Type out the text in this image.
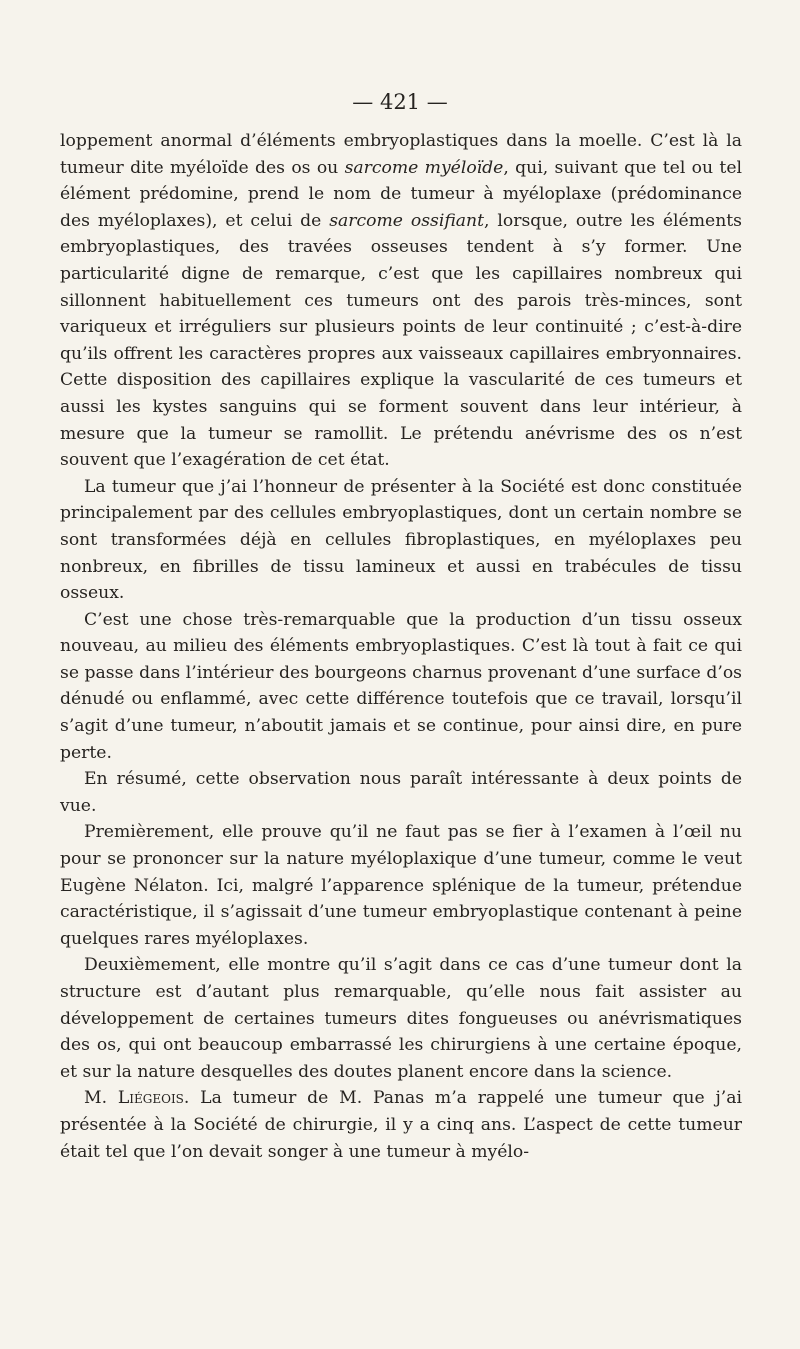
— 421 —

loppement anormal d’éléments embryoplastiques dans la moelle. C’est là la tumeur dite myéloïde des os ou sarcome myéloïde, qui, suivant que tel ou tel élément prédomine, prend le nom de tumeur à myéloplaxe (prédominance des myéloplaxes), et celui de sarcome ossifiant, lorsque, outre les éléments embryoplastiques, des travées osseuses tendent à s’y former. Une particularité digne de remarque, c’est que les capillaires nombreux qui sillonnent habituellement ces tumeurs ont des parois très-minces, sont variqueux et irréguliers sur plusieurs points de leur continuité ; c’est-à-dire qu’ils offrent les caractères propres aux vaisseaux capillaires embryonnaires. Cette disposition des capillaires explique la vascularité de ces tumeurs et aussi les kystes sanguins qui se forment souvent dans leur intérieur, à mesure que la tumeur se ramollit. Le prétendu anévrisme des os n’est souvent que l’exagération de cet état.

La tumeur que j’ai l’honneur de présenter à la Société est donc constituée principalement par des cellules embryoplastiques, dont un certain nombre se sont transformées déjà en cellules fibroplastiques, en myéloplaxes peu nonbreux, en fibrilles de tissu lamineux et aussi en trabécules de tissu osseux.

C’est une chose très-remarquable que la production d’un tissu osseux nouveau, au milieu des éléments embryoplastiques. C’est là tout à fait ce qui se passe dans l’intérieur des bourgeons charnus provenant d’une surface d’os dénudé ou enflammé, avec cette différence toutefois que ce travail, lorsqu’il s’agit d’une tumeur, n’aboutit jamais et se continue, pour ainsi dire, en pure perte.

En résumé, cette observation nous paraît intéressante à deux points de vue.

Premièrement, elle prouve qu’il ne faut pas se fier à l’examen à l’œil nu pour se prononcer sur la nature myéloplaxique d’une tumeur, comme le veut Eugène Nélaton. Ici, malgré l’apparence splénique de la tumeur, prétendue caractéristique, il s’agissait d’une tumeur embryoplastique contenant à peine quelques rares myéloplaxes.

Deuxièmement, elle montre qu’il s’agit dans ce cas d’une tumeur dont la structure est d’autant plus remarquable, qu’elle nous fait assister au développement de certaines tumeurs dites fongueuses ou anévrismatiques des os, qui ont beaucoup embarrassé les chirurgiens à une certaine époque, et sur la nature desquelles des doutes planent encore dans la science.

M. Liégeois. La tumeur de M. Panas m’a rappelé une tumeur que j’ai présentée à la Société de chirurgie, il y a cinq ans. L’aspect de cette tumeur était tel que l’on devait songer à une tumeur à myélo-
